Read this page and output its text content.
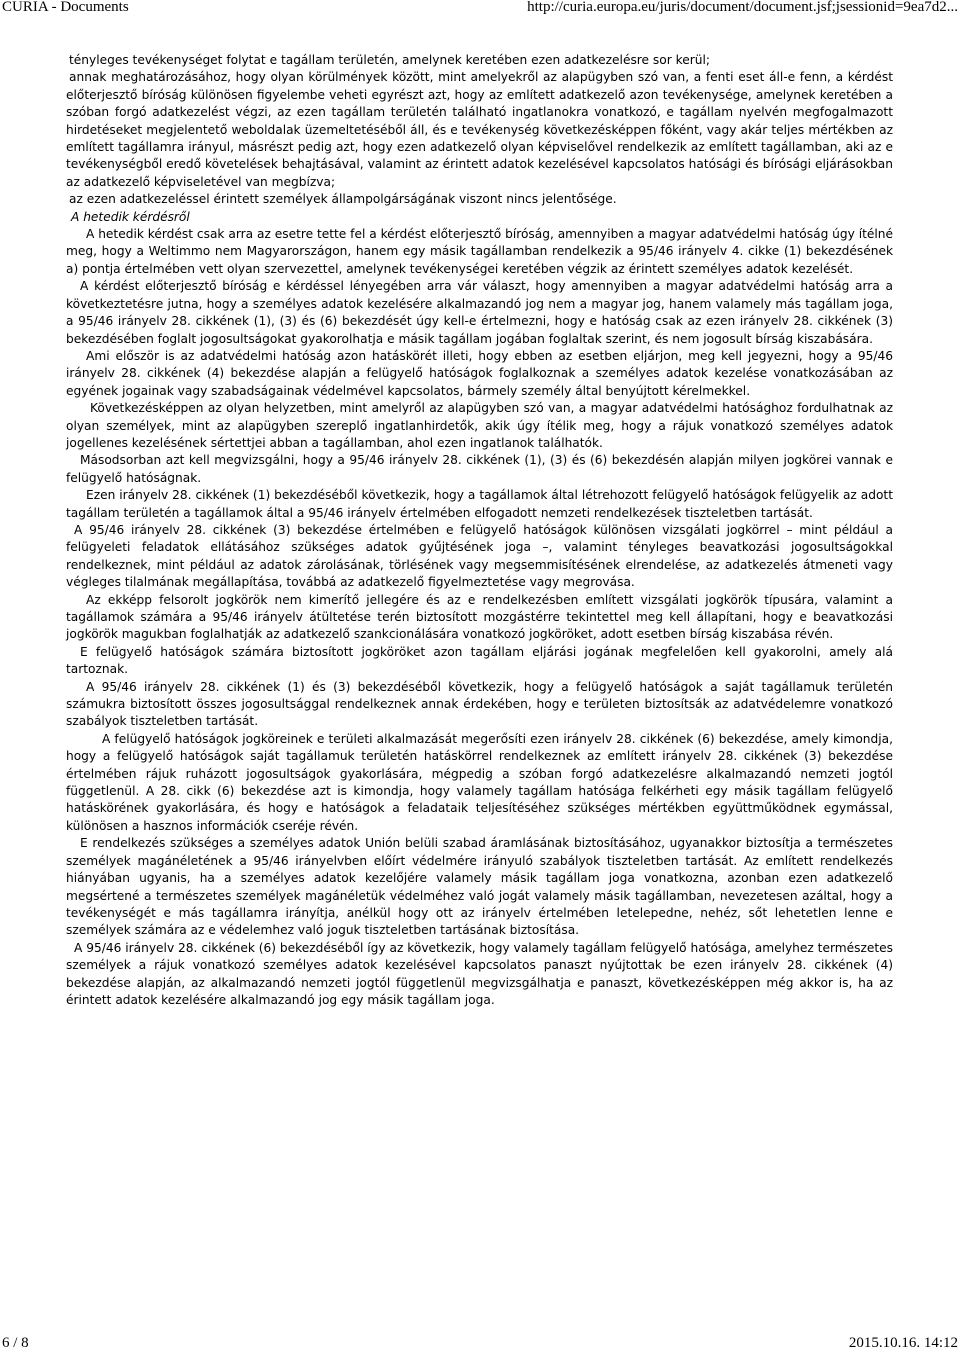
CURIA - Documents	http://curia.europa.eu/juris/document/document.jsf;jsessionid=9ea7d2...

tényleges tevékenységet folytat e tagállam területén, amelynek keretében ezen adatkezelésre sor kerül;

annak meghatározásához, hogy olyan körülmények között, mint amelyekről az alapügyben szó van, a fenti eset áll-e fenn, a kérdést előterjesztő bíróság különösen figyelembe veheti egyrészt azt, hogy az említett adatkezelő azon tevékenysége, amelynek keretében a szóban forgó adatkezelést végzi, az ezen tagállam területén található ingatlanokra vonatkozó, e tagállam nyelvén megfogalmazott hirdetéseket megjelentető weboldalak üzemeltetéséből áll, és e tevékenység következésképpen főként, vagy akár teljes mértékben az említett tagállamra irányul, másrészt pedig azt, hogy ezen adatkezelő olyan képviselővel rendelkezik az említett tagállamban, aki az e tevékenységből eredő követelések behajtásával, valamint az érintett adatok kezelésével kapcsolatos hatósági és bírósági eljárásokban az adatkezelő képviseletével van megbízva;

az ezen adatkezeléssel érintett személyek állampolgárságának viszont nincs jelentősége.

A hetedik kérdésről

A hetedik kérdést csak arra az esetre tette fel a kérdést előterjesztő bíróság, amennyiben a magyar adatvédelmi hatóság úgy ítélné meg, hogy a Weltimmo nem Magyarországon, hanem egy másik tagállamban rendelkezik a 95/46 irányelv 4. cikke (1) bekezdésének a) pontja értelmében vett olyan szervezettel, amelynek tevékenységei keretében végzik az érintett személyes adatok kezelését.

A kérdést előterjesztő bíróság e kérdéssel lényegében arra vár választ, hogy amennyiben a magyar adatvédelmi hatóság arra a következtetésre jutna, hogy a személyes adatok kezelésére alkalmazandó jog nem a magyar jog, hanem valamely más tagállam joga, a 95/46 irányelv 28. cikkének (1), (3) és (6) bekezdését úgy kell-e értelmezni, hogy e hatóság csak az ezen irányelv 28. cikkének (3) bekezdésében foglalt jogosultságokat gyakorolhatja e másik tagállam jogában foglaltak szerint, és nem jogosult bírság kiszabására.

Ami először is az adatvédelmi hatóság azon hatáskörét illeti, hogy ebben az esetben eljárjon, meg kell jegyezni, hogy a 95/46 irányelv 28. cikkének (4) bekezdése alapján a felügyelő hatóságok foglalkoznak a személyes adatok kezelése vonatkozásában az egyének jogainak vagy szabadságainak védelmével kapcsolatos, bármely személy által benyújtott kérelmekkel.

Következésképpen az olyan helyzetben, mint amelyről az alapügyben szó van, a magyar adatvédelmi hatósághoz fordulhatnak az olyan személyek, mint az alapügyben szereplő ingatlanhirdetők, akik úgy ítélik meg, hogy a rájuk vonatkozó személyes adatok jogellenes kezelésének sértettjei abban a tagállamban, ahol ezen ingatlanok találhatók.

Másodsorban azt kell megvizsgálni, hogy a 95/46 irányelv 28. cikkének (1), (3) és (6) bekezdésén alapján milyen jogkörei vannak e felügyelő hatóságnak.

Ezen irányelv 28. cikkének (1) bekezdéséből következik, hogy a tagállamok által létrehozott felügyelő hatóságok felügyelik az adott tagállam területén a tagállamok által a 95/46 irányelv értelmében elfogadott nemzeti rendelkezések tiszteletben tartását.

A 95/46 irányelv 28. cikkének (3) bekezdése értelmében e felügyelő hatóságok különösen vizsgálati jogkörrel – mint például a felügyeleti feladatok ellátásához szükséges adatok gyűjtésének joga –, valamint tényleges beavatkozási jogosultságokkal rendelkeznek, mint például az adatok zárolásának, törlésének vagy megsemmisítésének elrendelése, az adatkezelés átmeneti vagy végleges tilalmának megállapítása, továbbá az adatkezelő figyelmeztetése vagy megrovása.

Az ekképp felsorolt jogkörök nem kimerítő jellegére és az e rendelkezésben említett vizsgálati jogkörök típusára, valamint a tagállamok számára a 95/46 irányelv átültetése terén biztosított mozgástérre tekintettel meg kell állapítani, hogy e beavatkozási jogkörök magukban foglalhatják az adatkezelő szankcionálására vonatkozó jogköröket, adott esetben bírság kiszabása révén.

E felügyelő hatóságok számára biztosított jogköröket azon tagállam eljárási jogának megfelelően kell gyakorolni, amely alá tartoznak.

A 95/46 irányelv 28. cikkének (1) és (3) bekezdéséből következik, hogy a felügyelő hatóságok a saját tagállamuk területén számukra biztosított összes jogosultsággal rendelkeznek annak érdekében, hogy e területen biztosítsák az adatvédelemre vonatkozó szabályok tiszteletben tartását.

A felügyelő hatóságok jogköreinek e területi alkalmazását megerősíti ezen irányelv 28. cikkének (6) bekezdése, amely kimondja, hogy a felügyelő hatóságok saját tagállamuk területén hatáskörrel rendelkeznek az említett irányelv 28. cikkének (3) bekezdése értelmében rájuk ruházott jogosultságok gyakorlására, mégpedig a szóban forgó adatkezelésre alkalmazandó nemzeti jogtól függetlenül. A 28. cikk (6) bekezdése azt is kimondja, hogy valamely tagállam hatósága felkérheti egy másik tagállam felügyelő hatáskörének gyakorlására, és hogy e hatóságok a feladataik teljesítéséhez szükséges mértékben együttműködnek egymással, különösen a hasznos információk cseréje révén.

E rendelkezés szükséges a személyes adatok Unión belüli szabad áramlásának biztosításához, ugyanakkor biztosítja a természetes személyek magánéletének a 95/46 irányelvben előírt védelmére irányuló szabályok tiszteletben tartását. Az említett rendelkezés hiányában ugyanis, ha a személyes adatok kezelőjére valamely másik tagállam joga vonatkozna, azonban ezen adatkezelő megsértené a természetes személyek magánéletük védelméhez való jogát valamely másik tagállamban, nevezetesen azáltal, hogy a tevékenységét e más tagállamra irányítja, anélkül hogy ott az irányelv értelmében letelepedne, nehéz, sőt lehetetlen lenne e személyek számára az e védelemhez való joguk tiszteletben tartásának biztosítása.

A 95/46 irányelv 28. cikkének (6) bekezdéséből így az következik, hogy valamely tagállam felügyelő hatósága, amelyhez természetes személyek a rájuk vonatkozó személyes adatok kezelésével kapcsolatos panaszt nyújtottak be ezen irányelv 28. cikkének (4) bekezdése alapján, az alkalmazandó nemzeti jogtól függetlenül megvizsgálhatja e panaszt, következésképpen még akkor is, ha az érintett adatok kezelésére alkalmazandó jog egy másik tagállam joga.

6 / 8	2015.10.16. 14:12
